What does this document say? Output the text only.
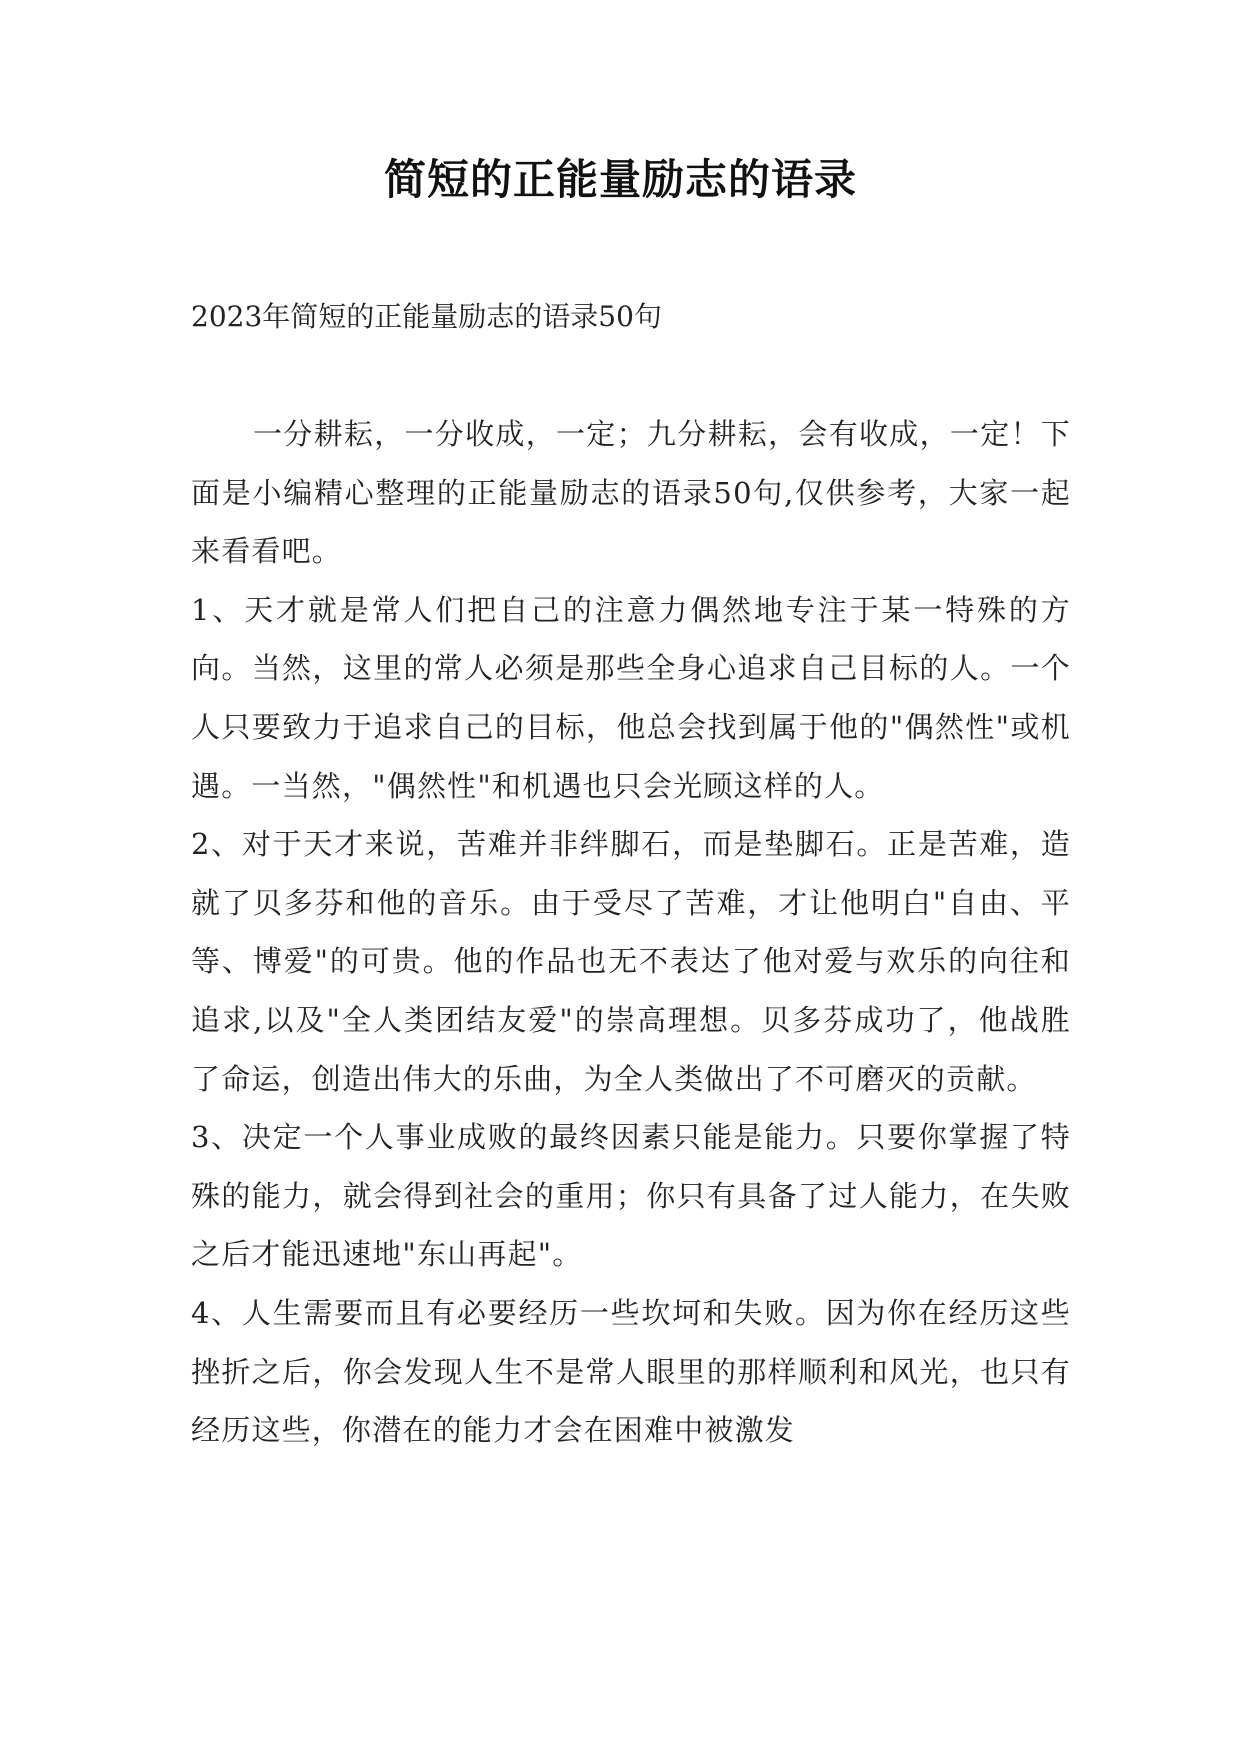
简短的正能量励志的语录

2023年简短的正能量励志的语录50句

一分耕耘，一分收成，一定；九分耕耘，会有收成，一定！下面是小编精心整理的正能量励志的语录50句,仅供参考，大家一起来看看吧。

1、天才就是常人们把自己的注意力偶然地专注于某一特殊的方向。当然，这里的常人必须是那些全身心追求自己目标的人。一个人只要致力于追求自己的目标，他总会找到属于他的"偶然性"或机遇。一当然，"偶然性"和机遇也只会光顾这样的人。

2、对于天才来说，苦难并非绊脚石，而是垫脚石。正是苦难，造就了贝多芬和他的音乐。由于受尽了苦难，才让他明白"自由、平等、博爱"的可贵。他的作品也无不表达了他对爱与欢乐的向往和追求,以及"全人类团结友爱"的崇高理想。贝多芬成功了，他战胜了命运，创造出伟大的乐曲，为全人类做出了不可磨灭的贡献。

3、决定一个人事业成败的最终因素只能是能力。只要你掌握了特殊的能力，就会得到社会的重用；你只有具备了过人能力，在失败之后才能迅速地"东山再起"。

4、人生需要而且有必要经历一些坎坷和失败。因为你在经历这些挫折之后，你会发现人生不是常人眼里的那样顺利和风光，也只有经历这些，你潜在的能力才会在困难中被激发
